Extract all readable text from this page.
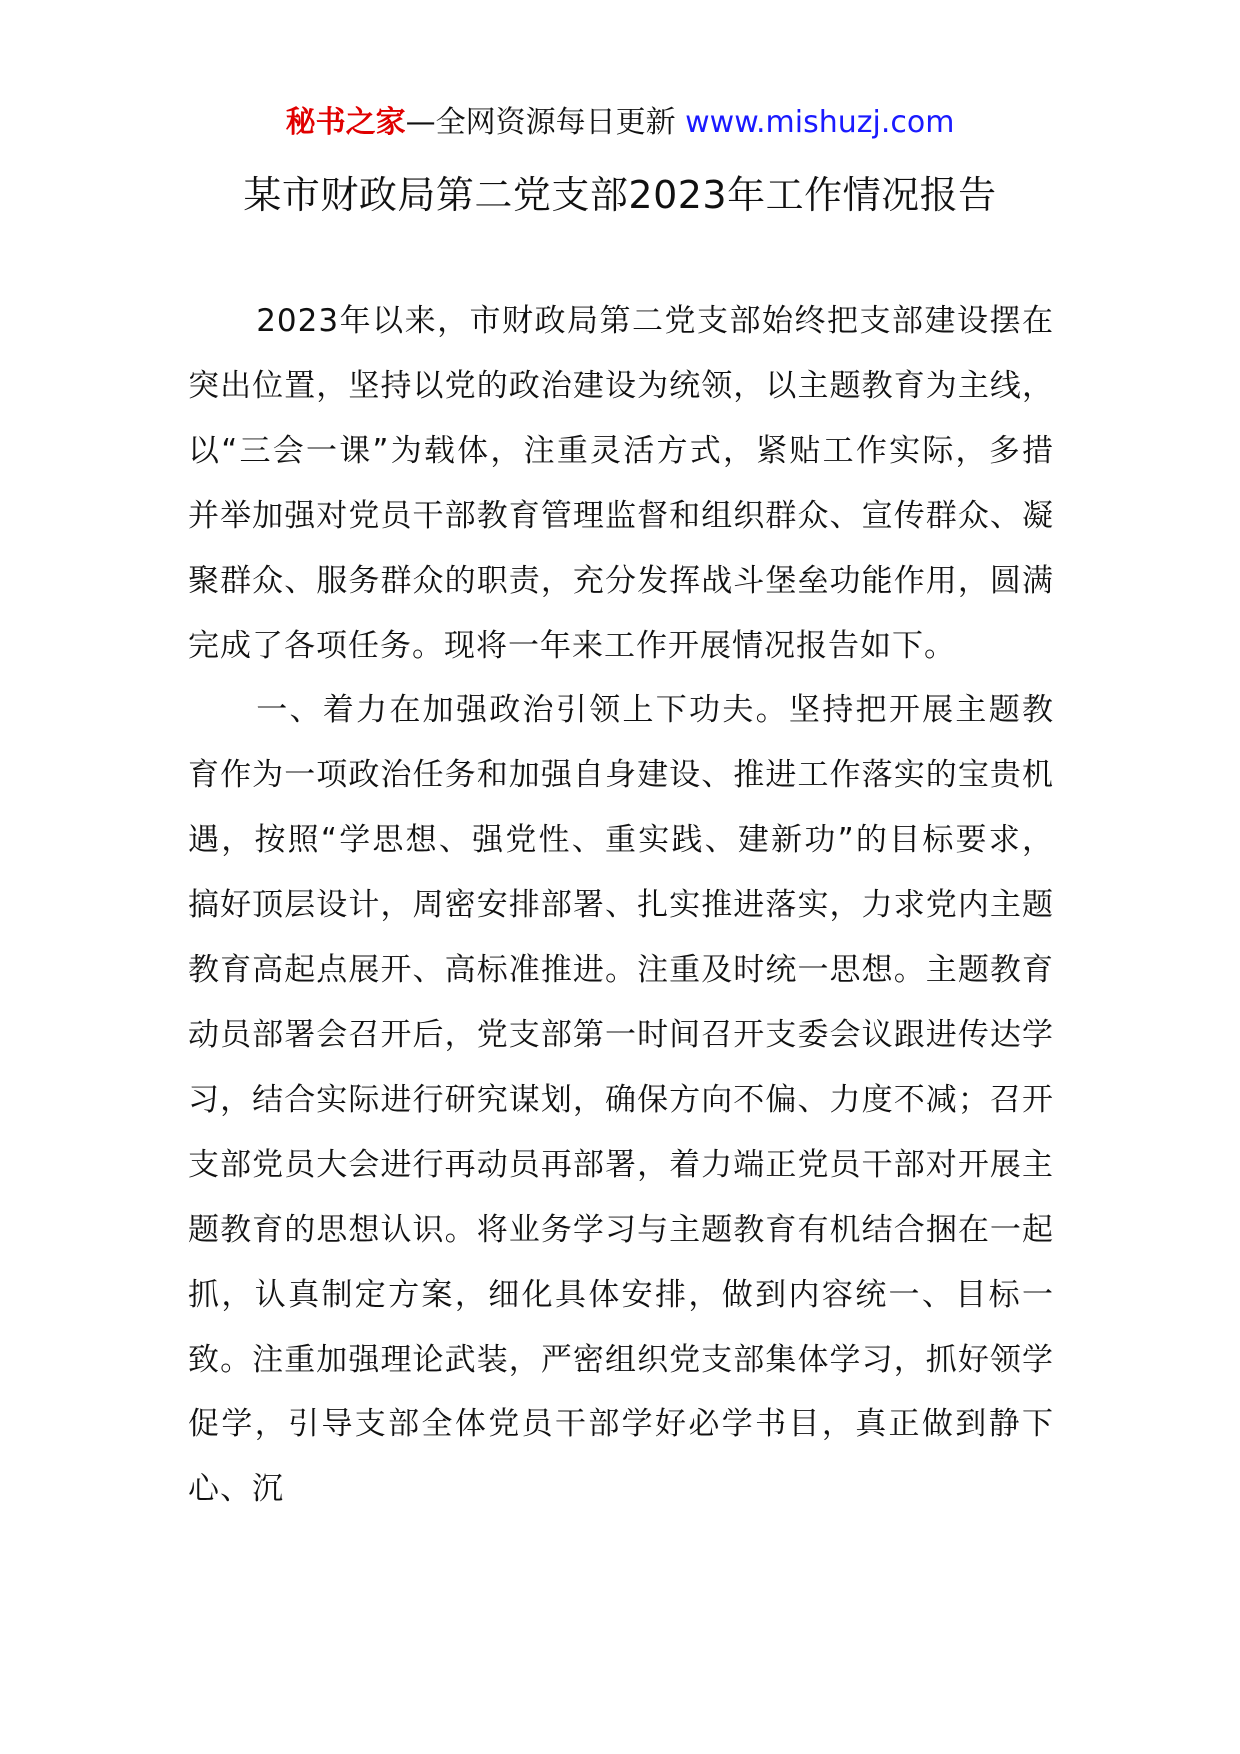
秘书之家—全网资源每日更新 www.mishuzj.com
某市财政局第二党支部2023年工作情况报告

2023年以来，市财政局第二党支部始终把支部建设摆在突出位置，坚持以党的政治建设为统领，以主题教育为主线，以“三会一课”为载体，注重灵活方式，紧贴工作实际，多措并举加强对党员干部教育管理监督和组织群众、宣传群众、凝聚群众、服务群众的职责，充分发挥战斗堡垒功能作用，圆满完成了各项任务。现将一年来工作开展情况报告如下。

一、着力在加强政治引领上下功夫。坚持把开展主题教育作为一项政治任务和加强自身建设、推进工作落实的宝贵机遇，按照“学思想、强党性、重实践、建新功”的目标要求，搞好顶层设计，周密安排部署、扎实推进落实，力求党内主题教育高起点展开、高标准推进。注重及时统一思想。主题教育动员部署会召开后，党支部第一时间召开支委会议跟进传达学习，结合实际进行研究谋划，确保方向不偏、力度不减；召开支部党员大会进行再动员再部署，着力端正党员干部对开展主题教育的思想认识。将业务学习与主题教育有机结合捆在一起抓，认真制定方案，细化具体安排，做到内容统一、目标一致。注重加强理论武装，严密组织党支部集体学习，抓好领学促学，引导支部全体党员干部学好必学书目，真正做到静下心、沉
